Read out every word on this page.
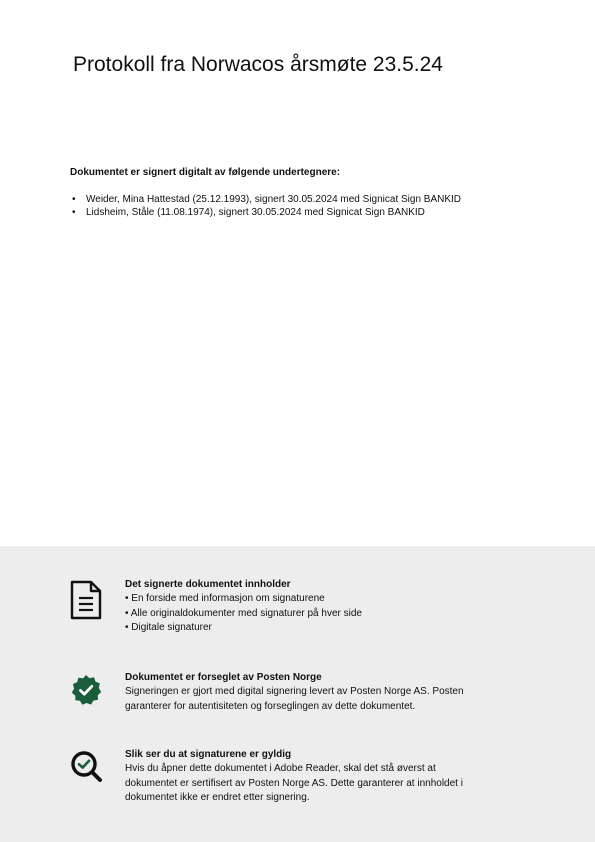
Protokoll fra Norwacos årsmøte 23.5.24
Dokumentet er signert digitalt av følgende undertegnere:
• Weider, Mina Hattestad (25.12.1993), signert 30.05.2024 med Signicat Sign BANKID
• Lidsheim, Ståle (11.08.1974), signert 30.05.2024 med Signicat Sign BANKID
Det signerte dokumentet innholder
• En forside med informasjon om signaturene
• Alle originaldokumenter med signaturer på hver side
• Digitale signaturer
Dokumentet er forseglet av Posten Norge
Signeringen er gjort med digital signering levert av Posten Norge AS. Posten
garanterer for autentisiteten og forseglingen av dette dokumentet.
Slik ser du at signaturene er gyldig
Hvis du åpner dette dokumentet i Adobe Reader, skal det stå øverst at
dokumentet er sertifisert av Posten Norge AS. Dette garanterer at innholdet i
dokumentet ikke er endret etter signering.
